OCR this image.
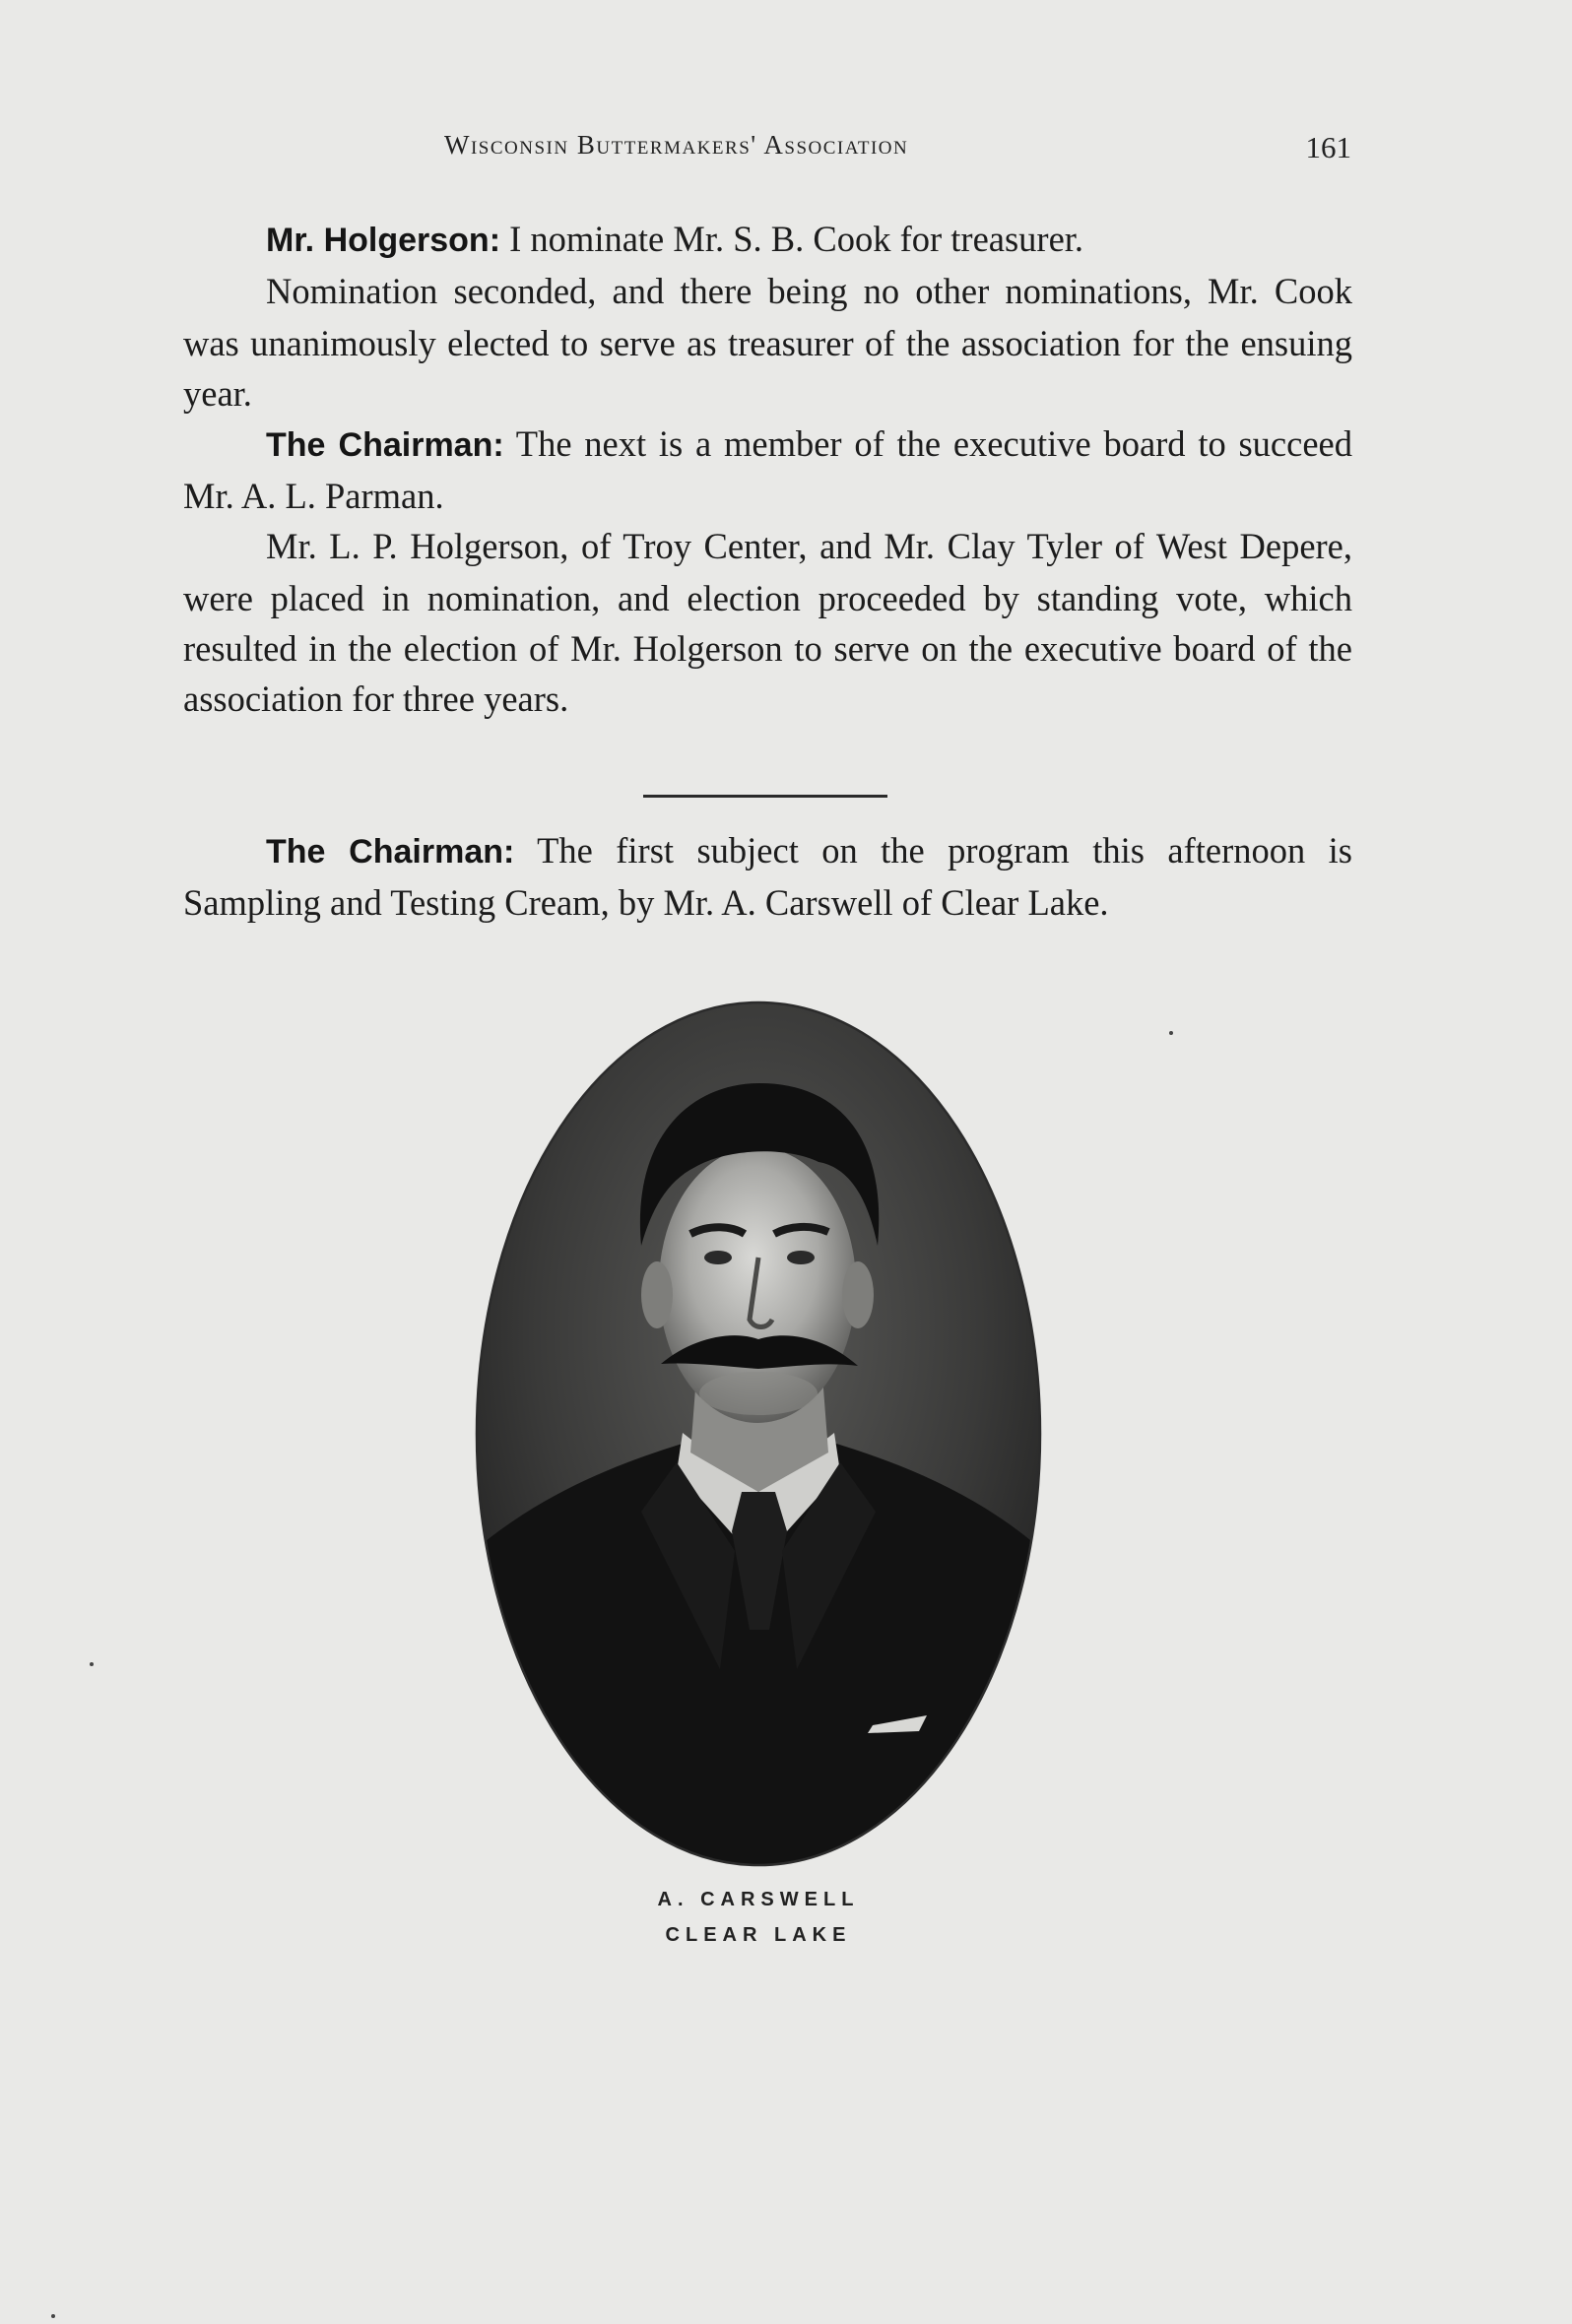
Wisconsin Buttermakers' Association	161

Mr. Holgerson: I nominate Mr. S. B. Cook for treasurer.

Nomination seconded, and there being no other nominations, Mr. Cook was unanimously elected to serve as treasurer of the association for the ensuing year.

The Chairman: The next is a member of the executive board to succeed Mr. A. L. Parman.

Mr. L. P. Holgerson, of Troy Center, and Mr. Clay Tyler of West Depere, were placed in nomination, and election proceeded by standing vote, which resulted in the election of Mr. Holgerson to serve on the executive board of the association for three years.

The Chairman: The first subject on the program this afternoon is Sampling and Testing Cream, by Mr. A. Carswell of Clear Lake.

A. CARSWELL
CLEAR LAKE
